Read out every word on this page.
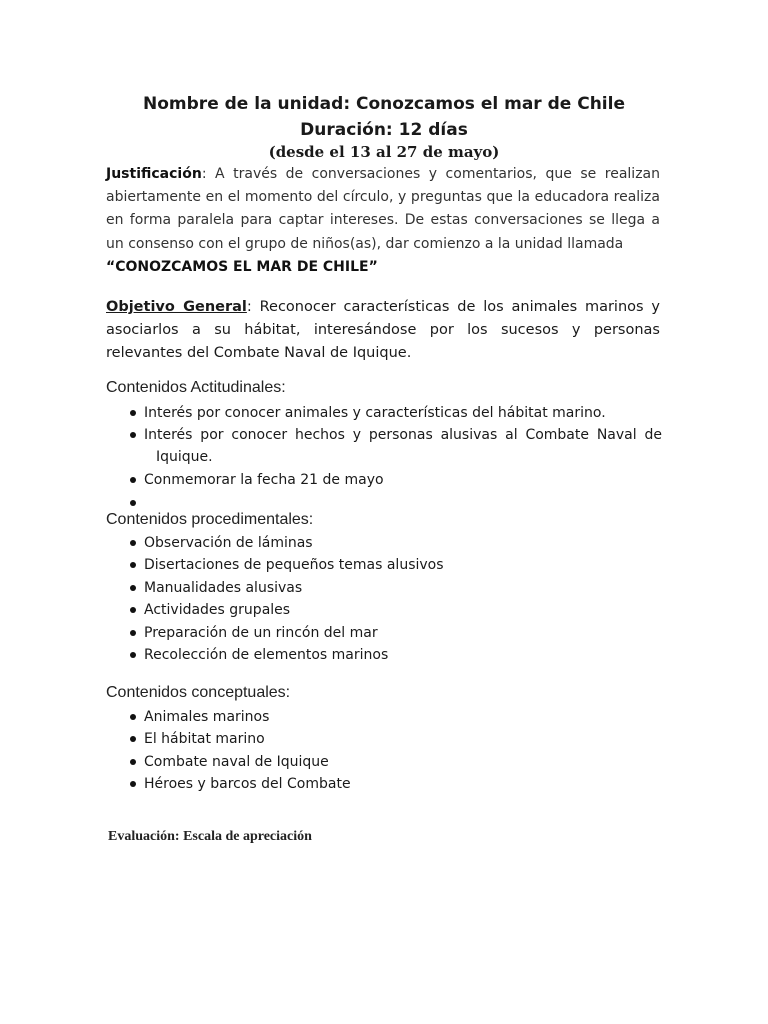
Nombre de la unidad: Conozcamos el mar de Chile
Duración: 12 días
(desde el 13 al 27 de mayo)
Justificación: A través de conversaciones y comentarios, que se realizan abiertamente en el momento del círculo, y preguntas que la educadora realiza en forma paralela para captar intereses. De estas conversaciones se llega a un consenso con el grupo de niños(as), dar comienzo a la unidad llamada
“CONOZCAMOS EL MAR DE CHILE”
Objetivo General: Reconocer características de los animales marinos y asociarlos a su hábitat, interesándose por los sucesos y personas relevantes del Combate Naval de Iquique.
Contenidos Actitudinales:
Interés por conocer animales y características del hábitat marino.
Interés por conocer hechos y personas alusivas al Combate Naval de Iquique.
Conmemorar la fecha 21 de mayo
Contenidos procedimentales:
Observación de láminas
Disertaciones de pequeños temas alusivos
Manualidades alusivas
Actividades grupales
Preparación de un rincón del mar
Recolección de elementos marinos
Contenidos conceptuales:
Animales marinos
El hábitat marino
Combate naval de Iquique
Héroes y barcos del Combate
Evaluación: Escala de apreciación
